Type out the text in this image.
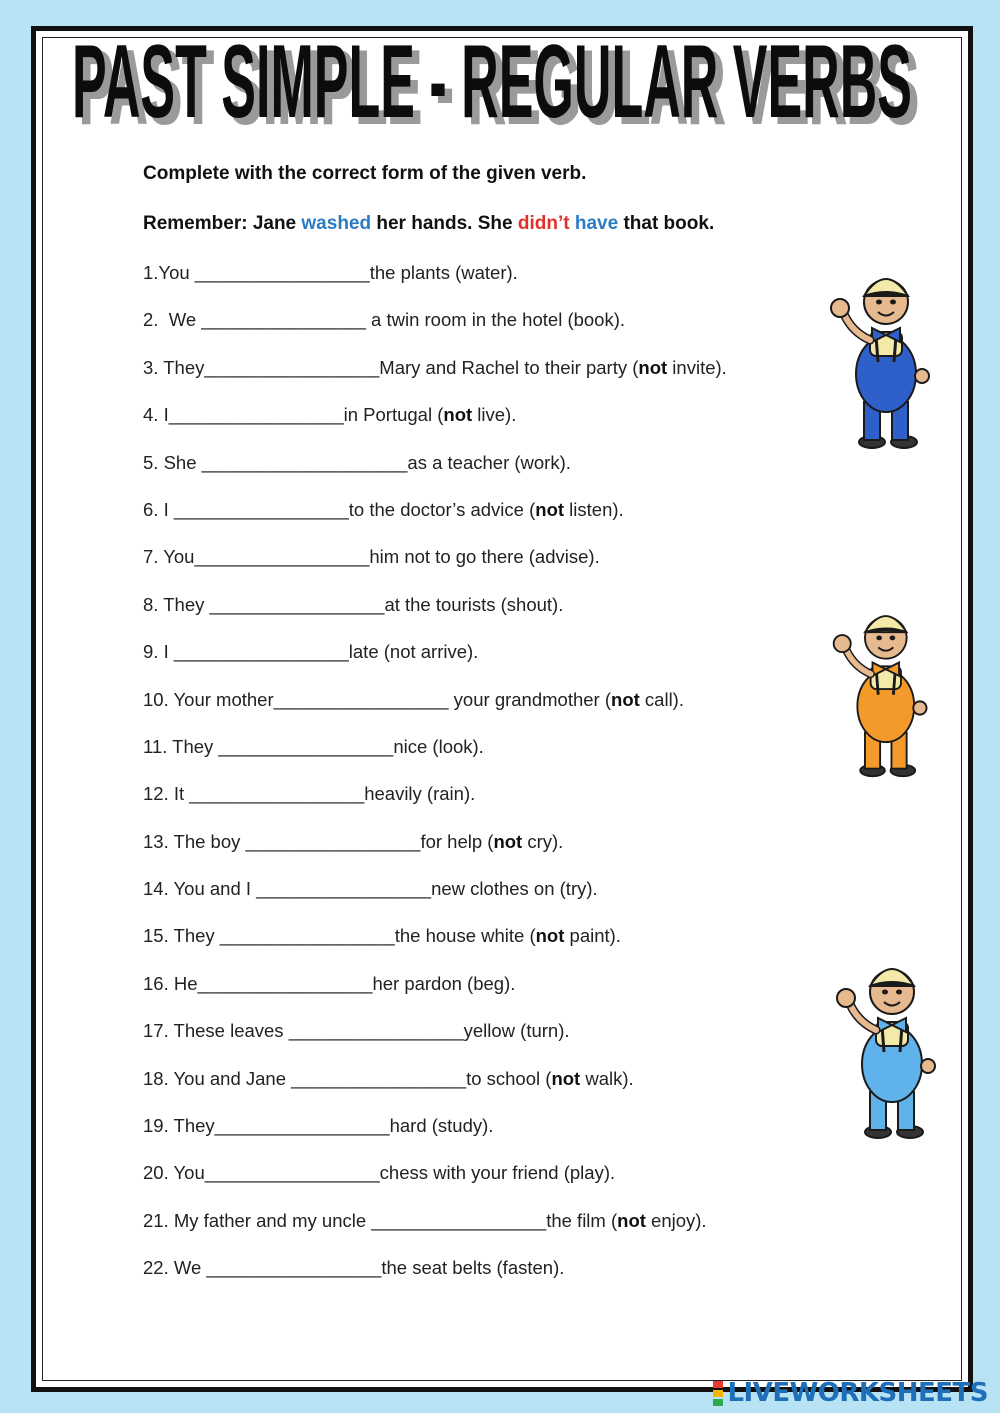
PAST SIMPLE - REGULAR VERBS
PAST SIMPLE - REGULAR VERBS
Complete with the correct form of the given verb.
Remember: Jane washed her hands. She didn’t have that book.
1.You _________________the plants (water).
2.  We ________________ a twin room in the hotel (book).
3. They_________________Mary and Rachel to their party (not invite).
4. I_________________in Portugal (not live).
5. She ____________________as a teacher (work).
6. I _________________to the doctor’s advice (not listen).
7. You_________________him not to go there (advise).
8. They _________________at the tourists (shout).
9. I _________________late (not arrive).
10. Your mother_________________ your grandmother (not call).
11. They _________________nice (look).
12. It _________________heavily (rain).
13. The boy _________________for help (not cry).
14. You and I _________________new clothes on (try).
15. They _________________the house white (not paint).
16. He_________________her pardon (beg).
17. These leaves _________________yellow (turn).
18. You and Jane _________________to school (not walk).
19. They_________________hard (study).
20. You_________________chess with your friend (play).
21. My father and my uncle _________________the film (not enjoy).
22. We _________________the seat belts (fasten).
LIVEWORKSHEETS
